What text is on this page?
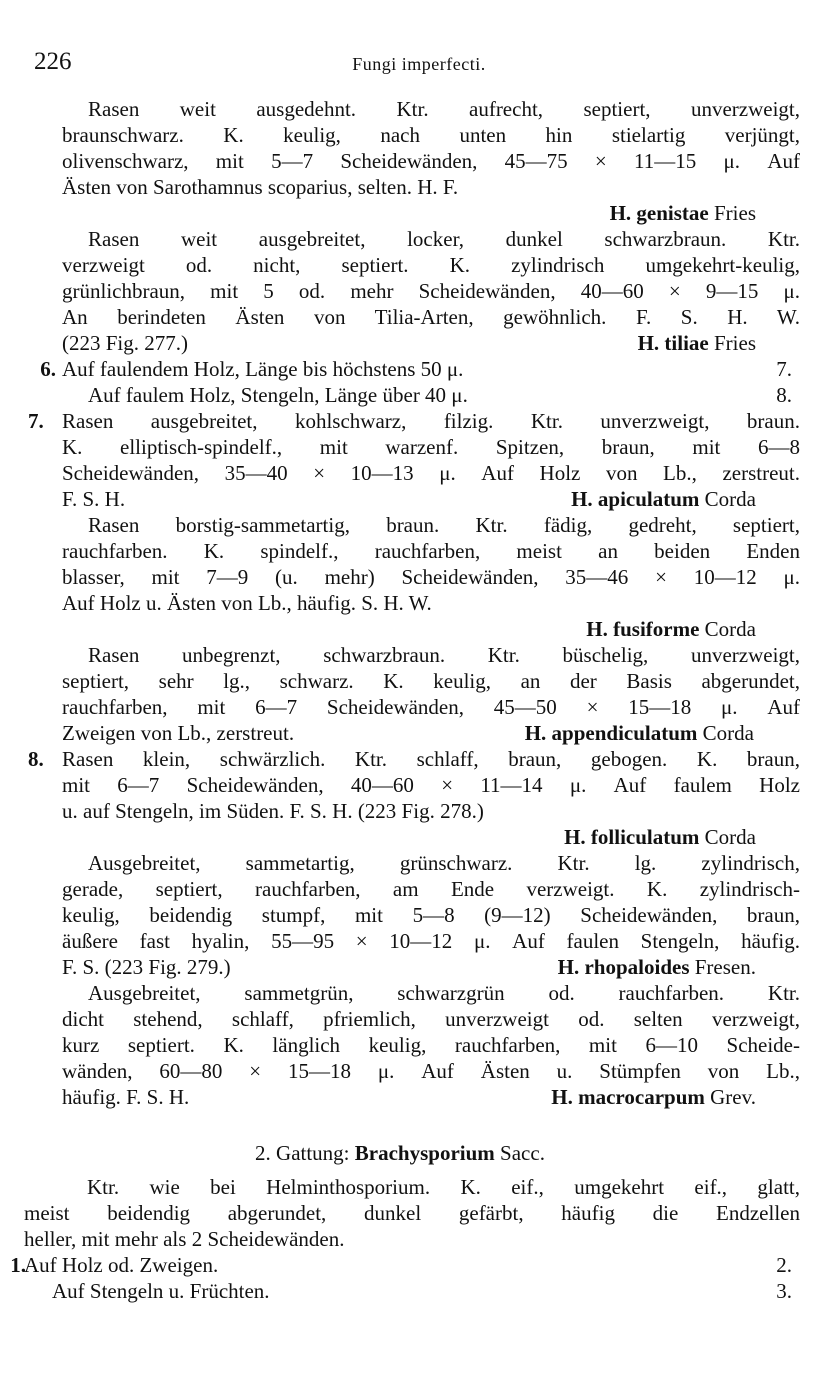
226	Fungi imperfecti.
Rasen weit ausgedehnt. Ktr. aufrecht, septiert, unverzweigt,
braunschwarz. K. keulig, nach unten hin stielartig verjüngt,
olivenschwarz, mit 5—7 Scheidewänden, 45—75 × 11—15 μ. Auf
Ästen von Sarothamnus scoparius, selten. H. F.
H. genistae Fries
Rasen weit ausgebreitet, locker, dunkel schwarzbraun. Ktr.
verzweigt od. nicht, septiert. K. zylindrisch umgekehrt-keulig,
grünlichbraun, mit 5 od. mehr Scheidewänden, 40—60 × 9—15 μ.
An berindeten Ästen von Tilia-Arten, gewöhnlich. F. S. H. W.
(223 Fig. 277.)	H. tiliae Fries
6. Auf faulendem Holz, Länge bis höchstens 50 μ.	7.
Auf faulem Holz, Stengeln, Länge über 40 μ.	8.
7. Rasen ausgebreitet, kohlschwarz, filzig. Ktr. unverzweigt, braun.
K. elliptisch-spindelf., mit warzenf. Spitzen, braun, mit 6—8
Scheidewänden, 35—40 × 10—13 μ. Auf Holz von Lb., zerstreut.
F. S. H.	H. apiculatum Corda
Rasen borstig-sammetartig, braun. Ktr. fädig, gedreht, septiert,
rauchfarben. K. spindelf., rauchfarben, meist an beiden Enden
blasser, mit 7—9 (u. mehr) Scheidewänden, 35—46 × 10—12 μ.
Auf Holz u. Ästen von Lb., häufig. S. H. W.
H. fusiforme Corda
Rasen unbegrenzt, schwarzbraun. Ktr. büschelig, unverzweigt,
septiert, sehr lg., schwarz. K. keulig, an der Basis abgerundet,
rauchfarben, mit 6—7 Scheidewänden, 45—50 × 15—18 μ. Auf
Zweigen von Lb., zerstreut.	H. appendiculatum Corda
8. Rasen klein, schwärzlich. Ktr. schlaff, braun, gebogen. K. braun,
mit 6—7 Scheidewänden, 40—60 × 11—14 μ. Auf faulem Holz
u. auf Stengeln, im Süden. F. S. H. (223 Fig. 278.)
H. folliculatum Corda
Ausgebreitet, sammetartig, grünschwarz. Ktr. lg. zylindrisch,
gerade, septiert, rauchfarben, am Ende verzweigt. K. zylindrisch-
keulig, beidendig stumpf, mit 5—8 (9—12) Scheidewänden, braun,
äußere fast hyalin, 55—95 × 10—12 μ. Auf faulen Stengeln, häufig.
F. S. (223 Fig. 279.)	H. rhopaloides Fresen.
Ausgebreitet, sammetgrün, schwarzgrün od. rauchfarben. Ktr.
dicht stehend, schlaff, pfriemlich, unverzweigt od. selten verzweigt,
kurz septiert. K. länglich keulig, rauchfarben, mit 6—10 Scheide-
wänden, 60—80 × 15—18 μ. Auf Ästen u. Stümpfen von Lb.,
häufig. F. S. H.	H. macrocarpum Grev.
2. Gattung: Brachysporium Sacc.
Ktr. wie bei Helminthosporium. K. eif., umgekehrt eif., glatt,
meist beidendig abgerundet, dunkel gefärbt, häufig die Endzellen
heller, mit mehr als 2 Scheidewänden.
1.
Auf Holz od. Zweigen.	2.
Auf Stengeln u. Früchten.	3.
